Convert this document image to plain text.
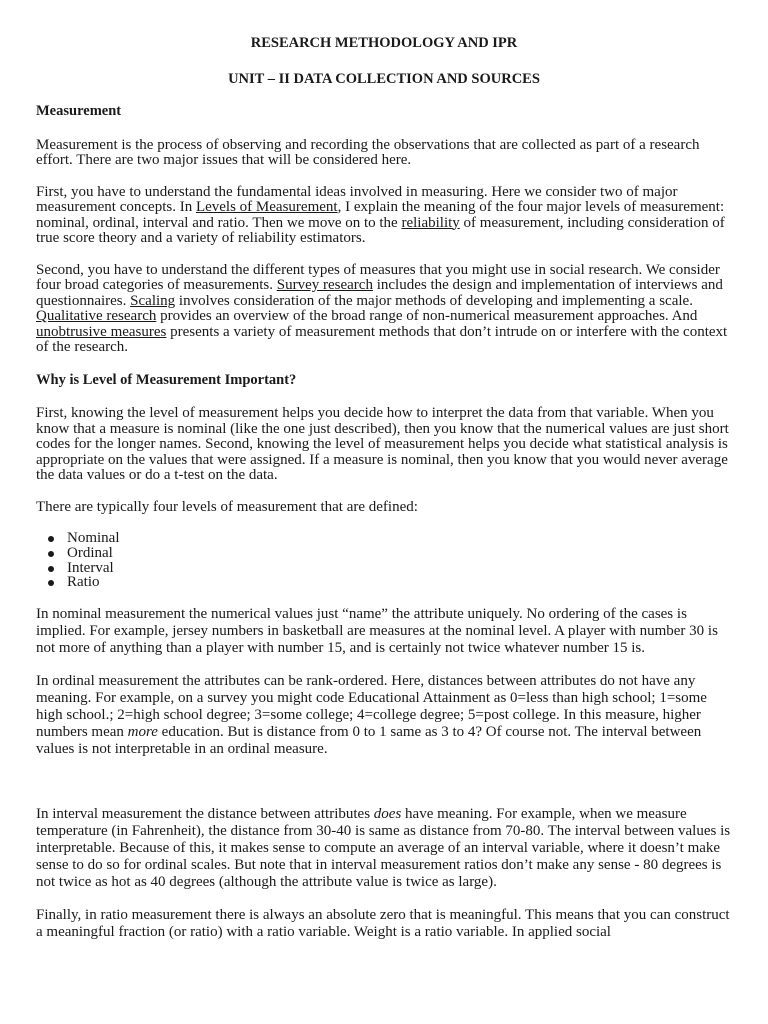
RESEARCH METHODOLOGY AND IPR
UNIT – II DATA COLLECTION AND SOURCES
Measurement

Measurement is the process of observing and recording the observations that are collected as part of a research effort. There are two major issues that will be considered here.

First, you have to understand the fundamental ideas involved in measuring. Here we consider two of major measurement concepts. In Levels of Measurement, I explain the meaning of the four major levels of measurement: nominal, ordinal, interval and ratio. Then we move on to the reliability of measurement, including consideration of true score theory and a variety of reliability estimators.

Second, you have to understand the different types of measures that you might use in social research. We consider four broad categories of measurements. Survey research includes the design and implementation of interviews and questionnaires. Scaling involves consideration of the major methods of developing and implementing a scale. Qualitative research provides an overview of the broad range of non-numerical measurement approaches. And unobtrusive measures presents a variety of measurement methods that don’t intrude on or interfere with the context of the research.

Why is Level of Measurement Important?

First, knowing the level of measurement helps you decide how to interpret the data from that variable. When you know that a measure is nominal (like the one just described), then you know that the numerical values are just short codes for the longer names. Second, knowing the level of measurement helps you decide what statistical analysis is appropriate on the values that were assigned. If a measure is nominal, then you know that you would never average the data values or do a t-test on the data.

There are typically four levels of measurement that are defined:

Nominal
Ordinal
Interval
Ratio

In nominal measurement the numerical values just “name” the attribute uniquely. No ordering of the cases is implied. For example, jersey numbers in basketball are measures at the nominal level. A player with number 30 is not more of anything than a player with number 15, and is certainly not twice whatever number 15 is.

In ordinal measurement the attributes can be rank-ordered. Here, distances between attributes do not have any meaning. For example, on a survey you might code Educational Attainment as 0=less than high school; 1=some high school.; 2=high school degree; 3=some college; 4=college degree; 5=post college. In this measure, higher numbers mean more education. But is distance from 0 to 1 same as 3 to 4? Of course not. The interval between values is not interpretable in an ordinal measure.

In interval measurement the distance between attributes does have meaning. For example, when we measure temperature (in Fahrenheit), the distance from 30-40 is same as distance from 70-80. The interval between values is interpretable. Because of this, it makes sense to compute an average of an interval variable, where it doesn’t make sense to do so for ordinal scales. But note that in interval measurement ratios don’t make any sense - 80 degrees is not twice as hot as 40 degrees (although the attribute value is twice as large).

Finally, in ratio measurement there is always an absolute zero that is meaningful. This means that you can construct a meaningful fraction (or ratio) with a ratio variable. Weight is a ratio variable. In applied social
